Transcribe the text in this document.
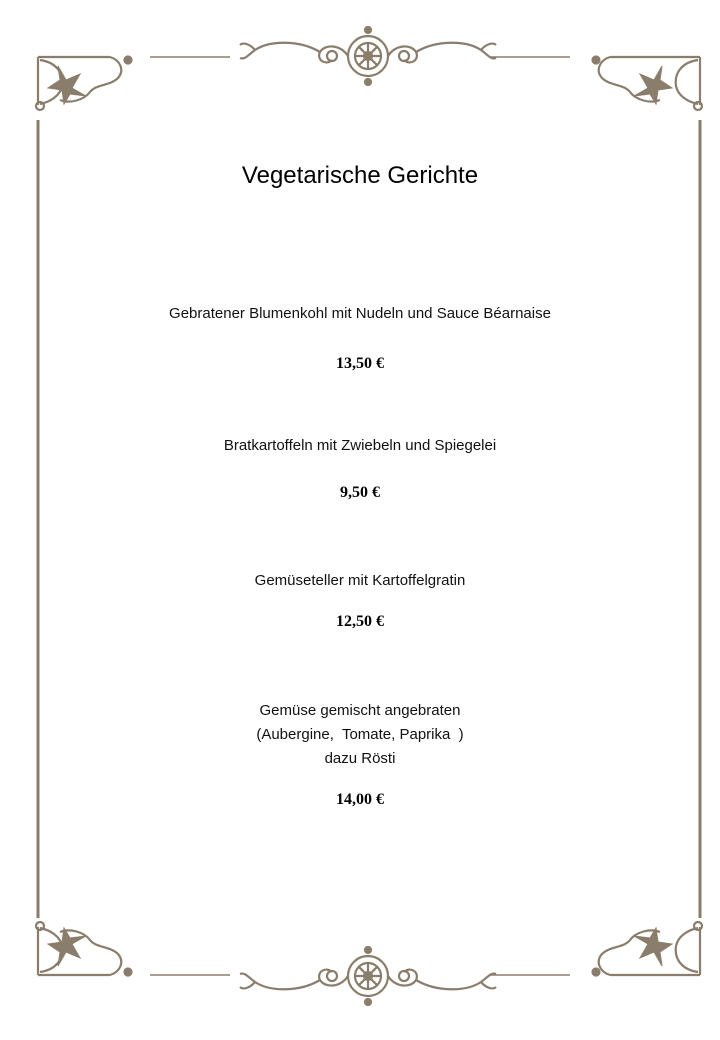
Vegetarische Gerichte
Gebratener Blumenkohl mit Nudeln und Sauce Béarnaise
13,50 €
Bratkartoffeln mit Zwiebeln und Spiegelei
9,50 €
Gemüseteller mit Kartoffelgratin
12,50 €
Gemüse gemischt angebraten
(Aubergine,  Tomate, Paprika  )
dazu Rösti
14,00 €
